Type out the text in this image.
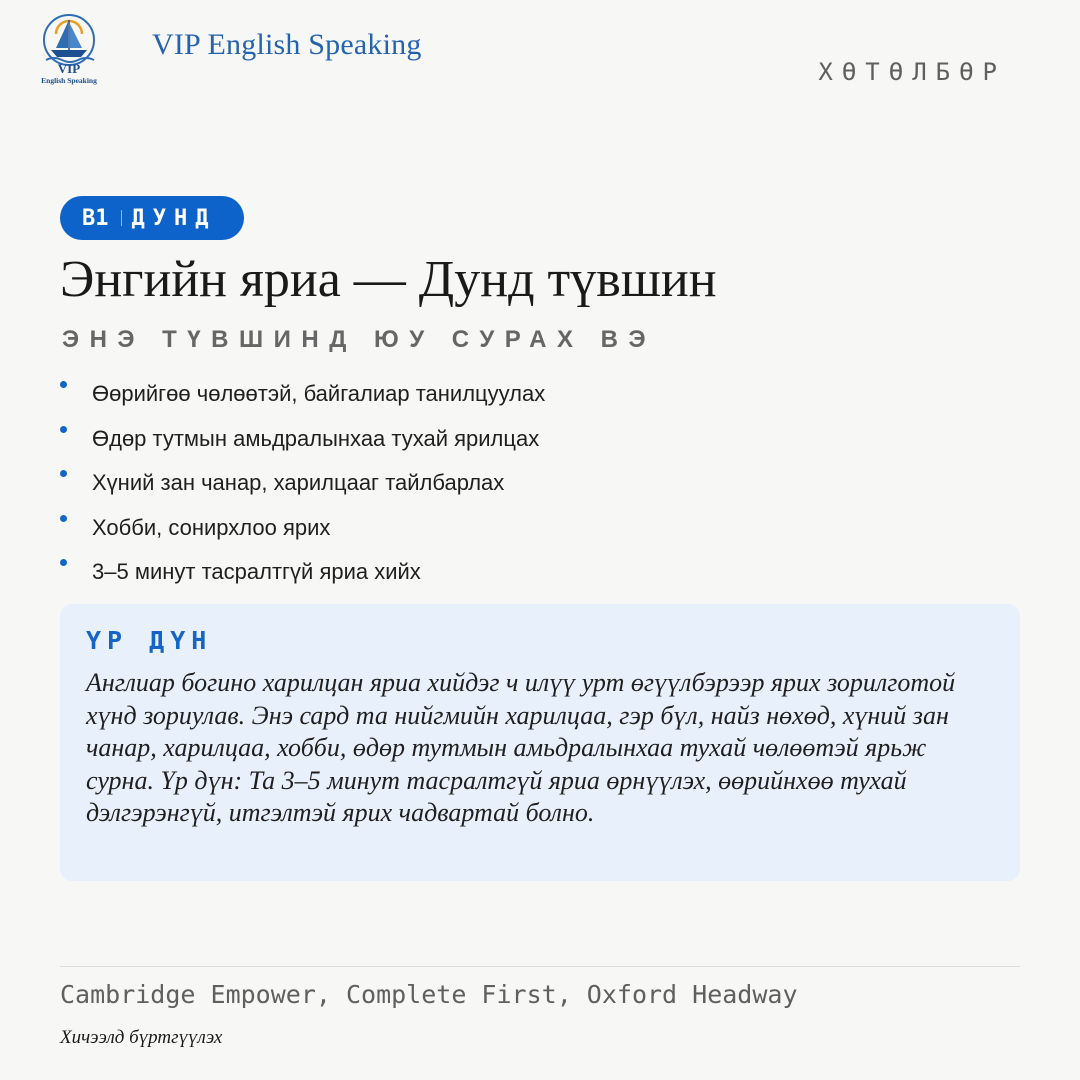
VIP
English Speaking
VIP English Speaking
ХӨТӨЛБӨР
B1 ДУНД
Энгийн яриа — Дунд түвшин
ЭНЭ ТҮВШИНД ЮУ СУРАХ ВЭ
Өөрийгөө чөлөөтэй, байгалиар танилцуулах
Өдөр тутмын амьдралынхаа тухай ярилцах
Хүний зан чанар, харилцааг тайлбарлах
Хобби, сонирхлоо ярих
3–5 минут тасралтгүй яриа хийх
ҮР ДҮН

Англиар богино харилцан яриа хийдэг ч илүү урт өгүүлбэрээр ярих зорилготой хүнд зориулав. Энэ сард та нийгмийн харилцаа, гэр бүл, найз нөхөд, хүний зан чанар, харилцаа, хобби, өдөр тутмын амьдралынхаа тухай чөлөөтэй ярьж сурна. Үр дүн: Та 3–5 минут тасралтгүй яриа өрнүүлэх, өөрийнхөө тухай дэлгэрэнгүй, итгэлтэй ярих чадвартай болно.

Cambridge Empower, Complete First, Oxford Headway
Хичээлд бүртгүүлэх
